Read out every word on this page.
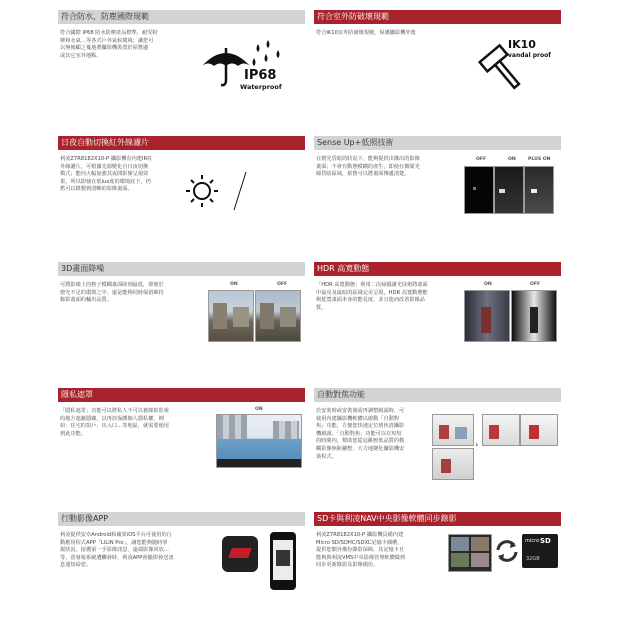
符合防水，防塵國際規範
符合國際 IP68 防水防塵產品標準，耐受粉
塵和水氣…等各式戶外氣候環境；讓您可
以無後顧之憂地將攝影機裝置於屋簷邊
或其它室外地點。
IP68
Waterproof
符合室外防破壞規範
符合IK10室外防破壞規範，保護攝影機外殼
IK10
vandal proof
日夜自動切換紅外線濾片
利凌Z7R8182X10-P 攝影機有內建IR紅
外線濾片，可根據光源變化自日夜切換
模式；能向大幅加強其夜間影像呈現效
果，所以即使在低lux度的環境底下，仍
舊可以錄製到清晰的影像畫面。
Sense Up+低照技術
在燈光昏暗的狀況下，能夠提供出傑出的影像
畫面；不會有動態模糊的產生，即使在微間光
線昏暗區域，依舊可以將畫面傳遞清楚。
OFF	ON	PLUS ON
3D畫面降噪
可將影像上的格子模糊畫面降到最低，即便於
燈光不足的環境之中，還是能夠同時保留維持
錄影畫面的輸出品質。
ON	OFF
HDR 高寬動態
「HDR 高寬動態」利用二次掃描讓光技術將畫面
中最亮及最暗的區域完美呈現，HDR 高寬動態能
夠延寬畫面本身的能見度，並且進而改善影像品
質。
ON	OFF
隱私遮罩
「隱私遮罩」功能可以將私人不可以被錄影監視
的地方遮蔽隱藏，以再放保護個人隱私權。例
如：住宅的窗戶、出入口…等地區，就需要使用
到此功能。
ON
自動對焦功能
於安裝時或安裝後需再調整鏡頭時，可
使用內建攝影機軟體以啟動「自動對
焦」功能，方便您快速定位到焦清攝影
機鏡頭。「自動對焦」功能可以在短短
的時間內，幫助您從這跳較低品質的模
糊影像無距擴整，大力地變化攝影機安
裝程式。
›
行動影像APP
利凌提供安卓Android和蘋果iOS平台可使用的行
動應用程式APP「LILIN Pro」，讓您能夠隨時掌
握狀況，接獲第一手影像訊息、遠端影像回放…
等，當發報系統遭觸發時，利凌APP會隨即發送訊
息通知給您。
SD卡與利凌NAV中央影像軟體同步錄影
利凌Z7R8182X10-P 攝影機具備內建
Micro SD/SDHC/SDXC記憶卡插槽，
提供您額外備份錄影保障，其記憶卡且
能夠與利凌VMS中央影像管理軟體做到
同步更新錄影及影像備份。
micro SD
32GB
